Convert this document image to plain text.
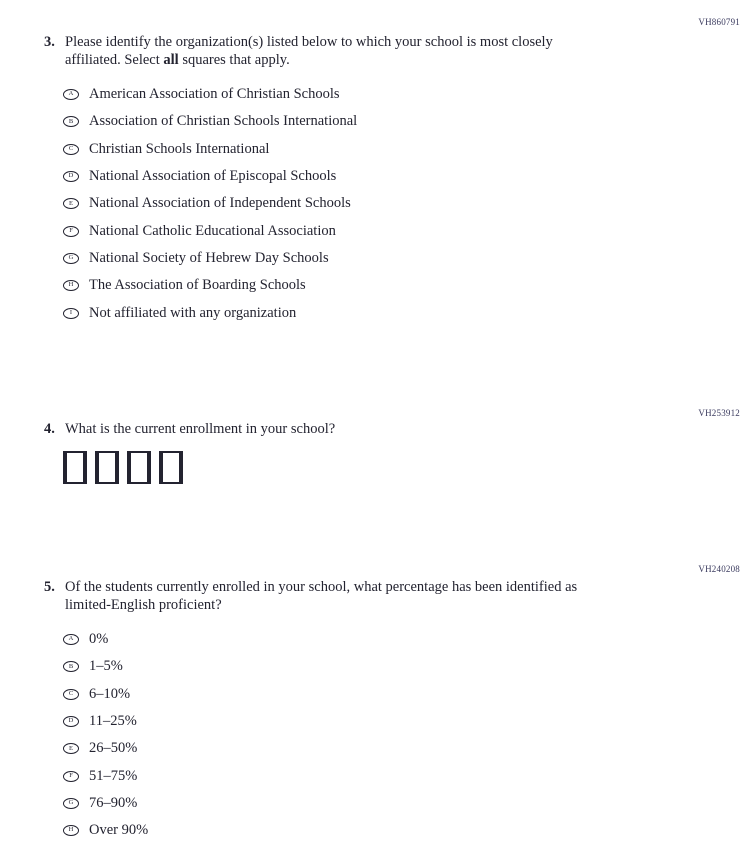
VH860791
VH253912
VH240208
3. Please identify the organization(s) listed below to which your school is most closely affiliated. Select all squares that apply.
A American Association of Christian Schools
B Association of Christian Schools International
C Christian Schools International
D National Association of Episcopal Schools
E National Association of Independent Schools
F National Catholic Educational Association
G National Society of Hebrew Day Schools
H The Association of Boarding Schools
I Not affiliated with any organization
4. What is the current enrollment in your school?
5. Of the students currently enrolled in your school, what percentage has been identified as limited-English proficient?
A 0%
B 1–5%
C 6–10%
D 11–25%
E 26–50%
F 51–75%
G 76–90%
H Over 90%
